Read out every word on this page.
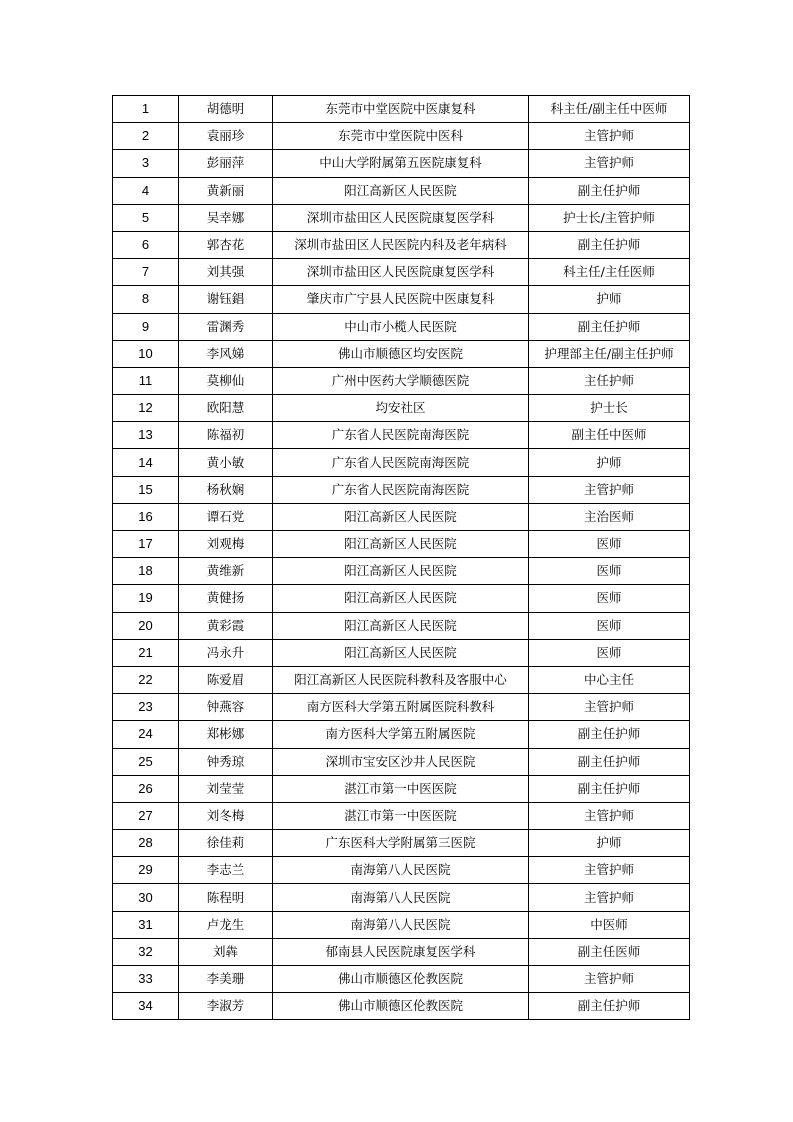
1	胡德明	东莞市中堂医院中医康复科	科主任/副主任中医师
2	袁丽珍	东莞市中堂医院中医科	主管护师
3	彭丽萍	中山大学附属第五医院康复科	主管护师
4	黄新丽	阳江高新区人民医院	副主任护师
5	吴幸娜	深圳市盐田区人民医院康复医学科	护士长/主管护师
6	郭杏花	深圳市盐田区人民医院内科及老年病科	副主任护师
7	刘其强	深圳市盐田区人民医院康复医学科	科主任/主任医师
8	谢钰錩	肇庆市广宁县人民医院中医康复科	护师
9	雷渊秀	中山市小榄人民医院	副主任护师
10	李风娣	佛山市顺德区均安医院	护理部主任/副主任护师
11	莫柳仙	广州中医药大学顺德医院	主任护师
12	欧阳慧	均安社区	护士长
13	陈福初	广东省人民医院南海医院	副主任中医师
14	黄小敏	广东省人民医院南海医院	护师
15	杨秋娴	广东省人民医院南海医院	主管护师
16	谭石党	阳江高新区人民医院	主治医师
17	刘观梅	阳江高新区人民医院	医师
18	黄维新	阳江高新区人民医院	医师
19	黄健扬	阳江高新区人民医院	医师
20	黄彩霞	阳江高新区人民医院	医师
21	冯永升	阳江高新区人民医院	医师
22	陈爱眉	阳江高新区人民医院科教科及客服中心	中心主任
23	钟燕容	南方医科大学第五附属医院科教科	主管护师
24	郑彬娜	南方医科大学第五附属医院	副主任护师
25	钟秀琼	深圳市宝安区沙井人民医院	副主任护师
26	刘莹莹	湛江市第一中医医院	副主任护师
27	刘冬梅	湛江市第一中医医院	主管护师
28	徐佳莉	广东医科大学附属第三医院	护师
29	李志兰	南海第八人民医院	主管护师
30	陈程明	南海第八人民医院	主管护师
31	卢龙生	南海第八人民医院	中医师
32	刘犇	郁南县人民医院康复医学科	副主任医师
33	李美珊	佛山市顺德区伦教医院	主管护师
34	李淑芳	佛山市顺德区伦教医院	副主任护师
